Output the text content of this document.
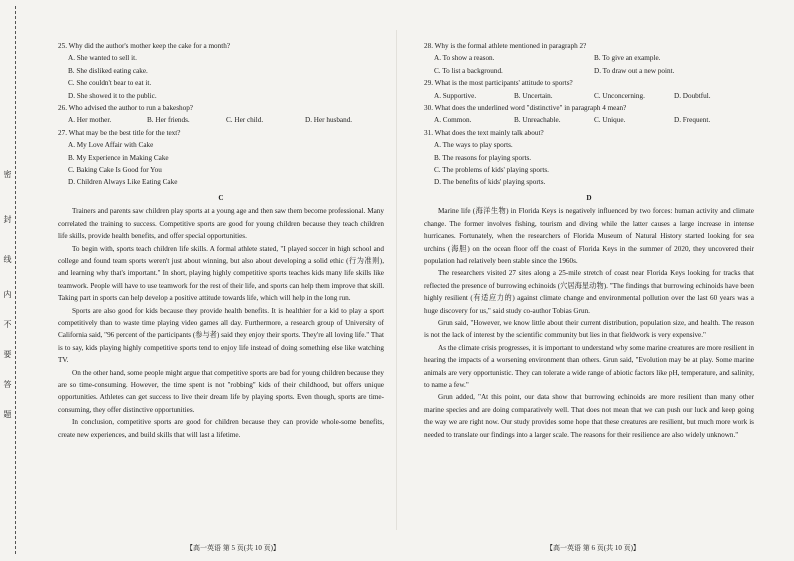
密
封
线
内
不
要
答
题

25. Why did the author's mother keep the cake for a month?

A. She wanted to sell it.

B. She disliked eating cake.

C. She couldn't bear to eat it.

D. She showed it to the public.

26. Who advised the author to run a bakeshop?

A. Her mother.	B. Her friends.	C. Her child.	D. Her husband.

27. What may be the best title for the text?

A. My Love Affair with Cake

B. My Experience in Making Cake

C. Baking Cake Is Good for You

D. Children Always Like Eating Cake

C

Trainers and parents saw children play sports at a young age and then saw them become professional. Many correlated the training to success. Competitive sports are good for young children because they teach children life skills, provide health benefits, and offer special opportunities.

To begin with, sports teach children life skills. A formal athlete stated, "I played soccer in high school and college and found team sports weren't just about winning, but also about developing a solid ethic (行为准则), and learning why that's important." In short, playing highly competitive sports teaches kids many life skills like teamwork. People will have to use teamwork for the rest of their life, and sports can help them improve that skill. Taking part in sports can help develop a positive attitude towards life, which will help in the long run.

Sports are also good for kids because they provide health benefits. It is healthier for a kid to play a sport competitively than to waste time playing video games all day. Furthermore, a research group of University of California said, "96 percent of the participants (参与者) said they enjoy their sports. They're all loving life." That is to say, kids playing highly competitive sports tend to enjoy life instead of doing something else like watching TV.

On the other hand, some people might argue that competitive sports are bad for young children because they are so time-consuming. However, the time spent is not "robbing" kids of their childhood, but offers unique opportunities. Athletes can get success to live their dream life by playing sports. Even though, sports are time-consuming, they offer distinctive opportunities.

In conclusion, competitive sports are good for children because they can provide whole-some benefits, create new experiences, and build skills that will last a lifetime.

28. Why is the formal athlete mentioned in paragraph 2?

A. To show a reason.	B. To give an example.
C. To list a background.	D. To draw out a new point.

29. What is the most participants' attitude to sports?

A. Supportive.	B. Uncertain.	C. Unconcerning.	D. Doubtful.

30. What does the underlined word "distinctive" in paragraph 4 mean?

A. Common.	B. Unreachable.	C. Unique.	D. Frequent.

31. What does the text mainly talk about?

A. The ways to play sports.

B. The reasons for playing sports.

C. The problems of kids' playing sports.

D. The benefits of kids' playing sports.

D

Marine life (海洋生物) in Florida Keys is negatively influenced by two forces: human activity and climate change. The former involves fishing, tourism and diving while the latter causes a large increase in intense hurricanes. Fortunately, when the researchers of Florida Museum of Natural History started looking for sea urchins (海胆) on the ocean floor off the coast of Florida Keys in the summer of 2020, they uncovered their population had relatively been stable since the 1960s.

The researchers visited 27 sites along a 25-mile stretch of coast near Florida Keys looking for tracks that reflected the presence of burrowing echinoids (穴居海星动物). "The findings that burrowing echinoids have been highly resilient (有适应力的) against climate change and environmental pollution over the last 60 years was a huge discovery for us," said study co-author Tobias Grun.

Grun said, "However, we know little about their current distribution, population size, and health. The reason is not the lack of interest by the scientific community but lies in that fieldwork is very expensive."

As the climate crisis progresses, it is important to understand why some marine creatures are more resilient in hearing the impacts of a worsening environment than others. Grun said, "Evolution may be at play. Some marine animals are very opportunistic. They can tolerate a wide range of abiotic factors like pH, temperature, and salinity, to name a few."

Grun added, "At this point, our data show that burrowing echinoids are more resilient than many other marine species and are doing comparatively well. That does not mean that we can push our luck and keep going the way we are right now. Our study provides some hope that these creatures are resilient, but much more work is needed to translate our findings into a larger scale. The reasons for their resilience are also widely unknown."

【高一英语 第 5 页(共 10 页)】	【高一英语 第 6 页(共 10 页)】
